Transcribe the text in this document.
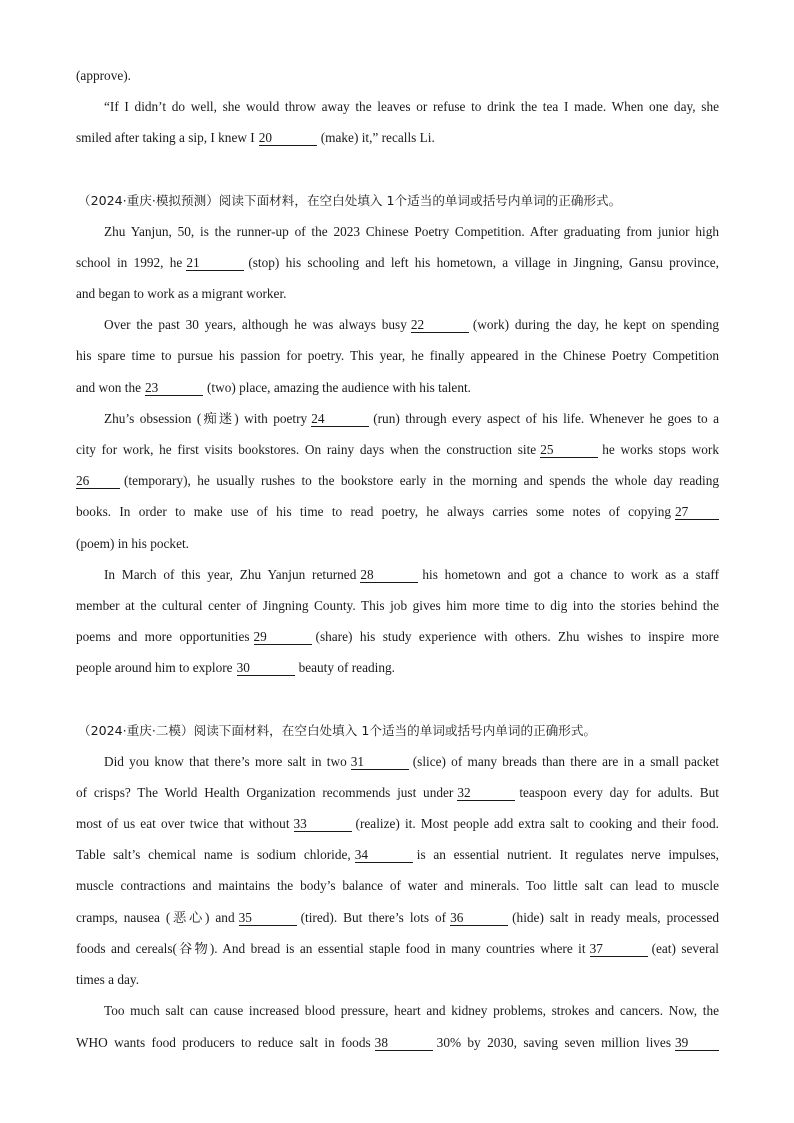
(approve).
“If I didn’t do well, she would throw away the leaves or refuse to drink the tea I made. When one day, she
smiled after taking a sip, I knew I 20	(make) it,” recalls Li.
（2024·重庆·模拟预测）阅读下面材料，在空白处填入 1个适当的单词或括号内单词的正确形式。
Zhu Yanjun, 50, is the runner-up of the 2023 Chinese Poetry Competition. After graduating from junior high
school in 1992, he 21	(stop) his schooling and left his hometown, a village in Jingning, Gansu province,
and began to work as a migrant worker.
Over the past 30 years, although he was always busy 22	(work) during the day, he kept on spending
his spare time to pursue his passion for poetry. This year, he finally appeared in the Chinese Poetry Competition
and won the 23	(two) place, amazing the audience with his talent.
Zhu’s obsession (痴迷) with poetry 24	(run) through every aspect of his life. Whenever he goes to a
city for work, he first visits bookstores. On rainy days when the construction site 25	he works stops work
26	(temporary), he usually rushes to the bookstore early in the morning and spends the whole day reading
books. In order to make use of his time to read poetry, he always carries some notes of copying 27
(poem) in his pocket.
In March of this year, Zhu Yanjun returned 28	his hometown and got a chance to work as a staff
member at the cultural center of Jingning County. This job gives him more time to dig into the stories behind the
poems and more opportunities 29	(share) his study experience with others. Zhu wishes to inspire more
people around him to explore 30	beauty of reading.
（2024·重庆·二模）阅读下面材料，在空白处填入 1个适当的单词或括号内单词的正确形式。
Did you know that there’s more salt in two 31	(slice) of many breads than there are in a small packet
of crisps? The World Health Organization recommends just under 32	teaspoon every day for adults. But
most of us eat over twice that without 33	(realize) it. Most people add extra salt to cooking and their food.
Table salt’s chemical name is sodium chloride, 34	is an essential nutrient. It regulates nerve impulses,
muscle contractions and maintains the body’s balance of water and minerals. Too little salt can lead to muscle
cramps, nausea (恶心) and 35	(tired). But there’s lots of 36	(hide) salt in ready meals, processed
foods and cereals(谷物). And bread is an essential staple food in many countries where it 37	(eat) several
times a day.
Too much salt can cause increased blood pressure, heart and kidney problems, strokes and cancers. Now, the
WHO wants food producers to reduce salt in foods 38	30% by 2030, saving seven million lives 39
